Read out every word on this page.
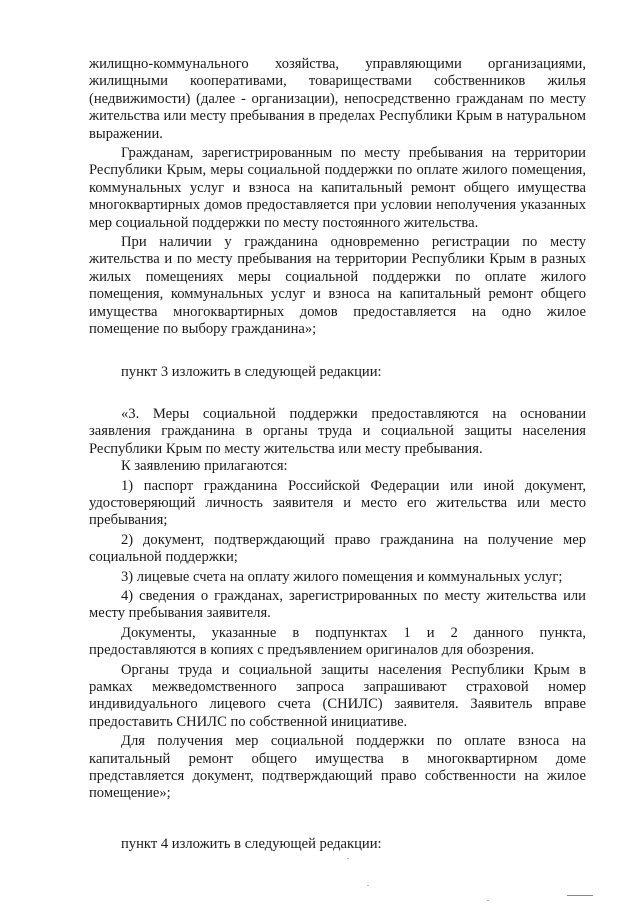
жилищно-коммунального хозяйства, управляющими организациями, жилищными кооперативами, товариществами собственников жилья (недвижимости) (далее - организации), непосредственно гражданам по месту жительства или месту пребывания в пределах Республики Крым в натуральном выражении.

Гражданам, зарегистрированным по месту пребывания на территории Республики Крым, меры социальной поддержки по оплате жилого помещения, коммунальных услуг и взноса на капитальный ремонт общего имущества многоквартирных домов предоставляется при условии неполучения указанных мер социальной поддержки по месту постоянного жительства.

При наличии у гражданина одновременно регистрации по месту жительства и по месту пребывания на территории Республики Крым в разных жилых помещениях меры социальной поддержки по оплате жилого помещения, коммунальных услуг и взноса на капитальный ремонт общего имущества многоквартирных домов предоставляется на одно жилое помещение по выбору гражданина»;

пункт 3 изложить в следующей редакции:

«3. Меры социальной поддержки предоставляются на основании заявления гражданина в органы труда и социальной защиты населения Республики Крым по месту жительства или месту пребывания.

К заявлению прилагаются:

1) паспорт гражданина Российской Федерации или иной документ, удостоверяющий личность заявителя и место его жительства или место пребывания;

2) документ, подтверждающий право гражданина на получение мер социальной поддержки;

3) лицевые счета на оплату жилого помещения и коммунальных услуг;

4) сведения о гражданах, зарегистрированных по месту жительства или месту пребывания заявителя.

Документы, указанные в подпунктах 1 и 2 данного пункта, предоставляются в копиях с предъявлением оригиналов для обозрения.

Органы труда и социальной защиты населения Республики Крым в рамках межведомственного запроса запрашивают страховой номер индивидуального лицевого счета (СНИЛС) заявителя. Заявитель вправе предоставить СНИЛС по собственной инициативе.

Для получения мер социальной поддержки по оплате взноса на капитальный ремонт общего имущества в многоквартирном доме представляется документ, подтверждающий право собственности на жилое помещение»;

пункт 4 изложить в следующей редакции:
